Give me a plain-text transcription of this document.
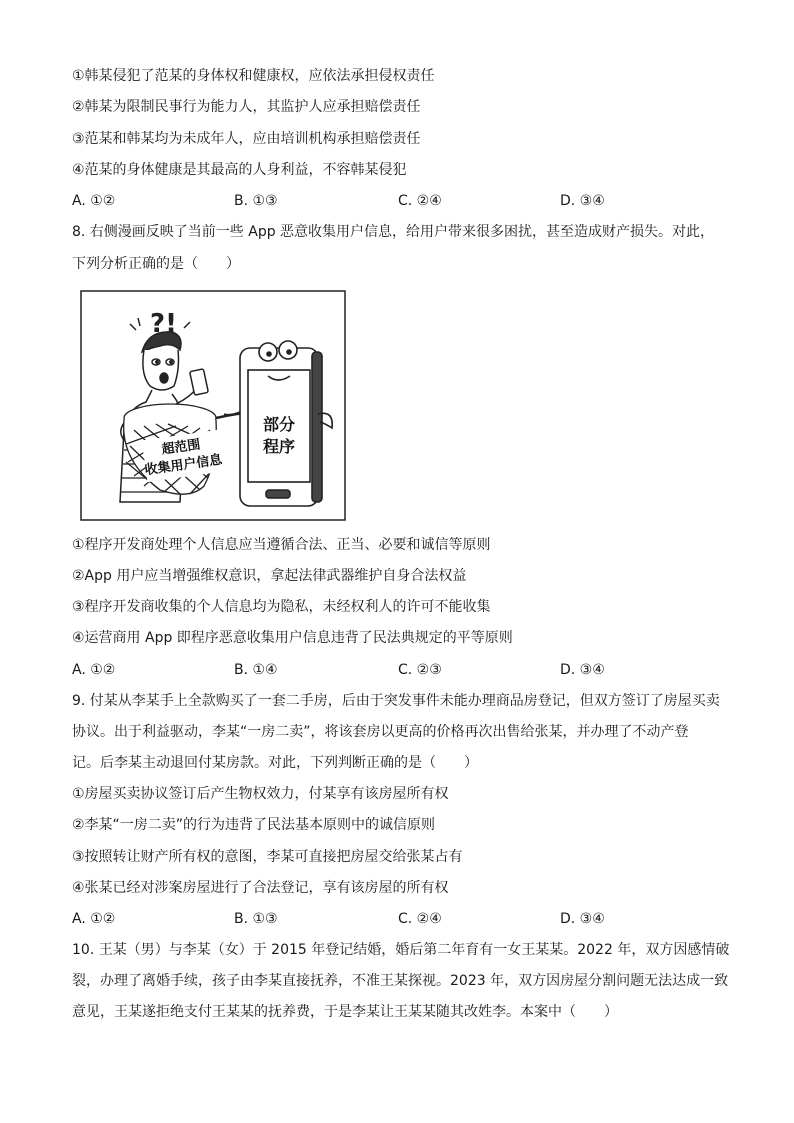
①韩某侵犯了范某的身体权和健康权，应依法承担侵权责任
②韩某为限制民事行为能力人，其监护人应承担赔偿责任
③范某和韩某均为未成年人，应由培训机构承担赔偿责任
④范某的身体健康是其最高的人身利益，不容韩某侵犯
A. ①②	B. ①③	C. ②④	D. ③④
8. 右侧漫画反映了当前一些 App 恶意收集用户信息，给用户带来很多困扰，甚至造成财产损失。对此，
下列分析正确的是（　　）
?!
超范围
收集用户信息
部分
程序
①程序开发商处理个人信息应当遵循合法、正当、必要和诚信等原则
②App 用户应当增强维权意识，拿起法律武器维护自身合法权益
③程序开发商收集的个人信息均为隐私，未经权利人的许可不能收集
④运营商用 App 即程序恶意收集用户信息违背了民法典规定的平等原则
A. ①②	B. ①④	C. ②③	D. ③④
9. 付某从李某手上全款购买了一套二手房，后由于突发事件未能办理商品房登记，但双方签订了房屋买卖
协议。出于利益驱动，李某“一房二卖”，将该套房以更高的价格再次出售给张某，并办理了不动产登
记。后李某主动退回付某房款。对此，下列判断正确的是（　　）
①房屋买卖协议签订后产生物权效力，付某享有该房屋所有权
②李某“一房二卖”的行为违背了民法基本原则中的诚信原则
③按照转让财产所有权的意图，李某可直接把房屋交给张某占有
④张某已经对涉案房屋进行了合法登记，享有该房屋的所有权
A. ①②	B. ①③	C. ②④	D. ③④
10. 王某（男）与李某（女）于 2015 年登记结婚，婚后第二年育有一女王某某。2022 年，双方因感情破
裂，办理了离婚手续，孩子由李某直接抚养，不准王某探视。2023 年，双方因房屋分割问题无法达成一致
意见，王某遂拒绝支付王某某的抚养费，于是李某让王某某随其改姓李。本案中（　　）
